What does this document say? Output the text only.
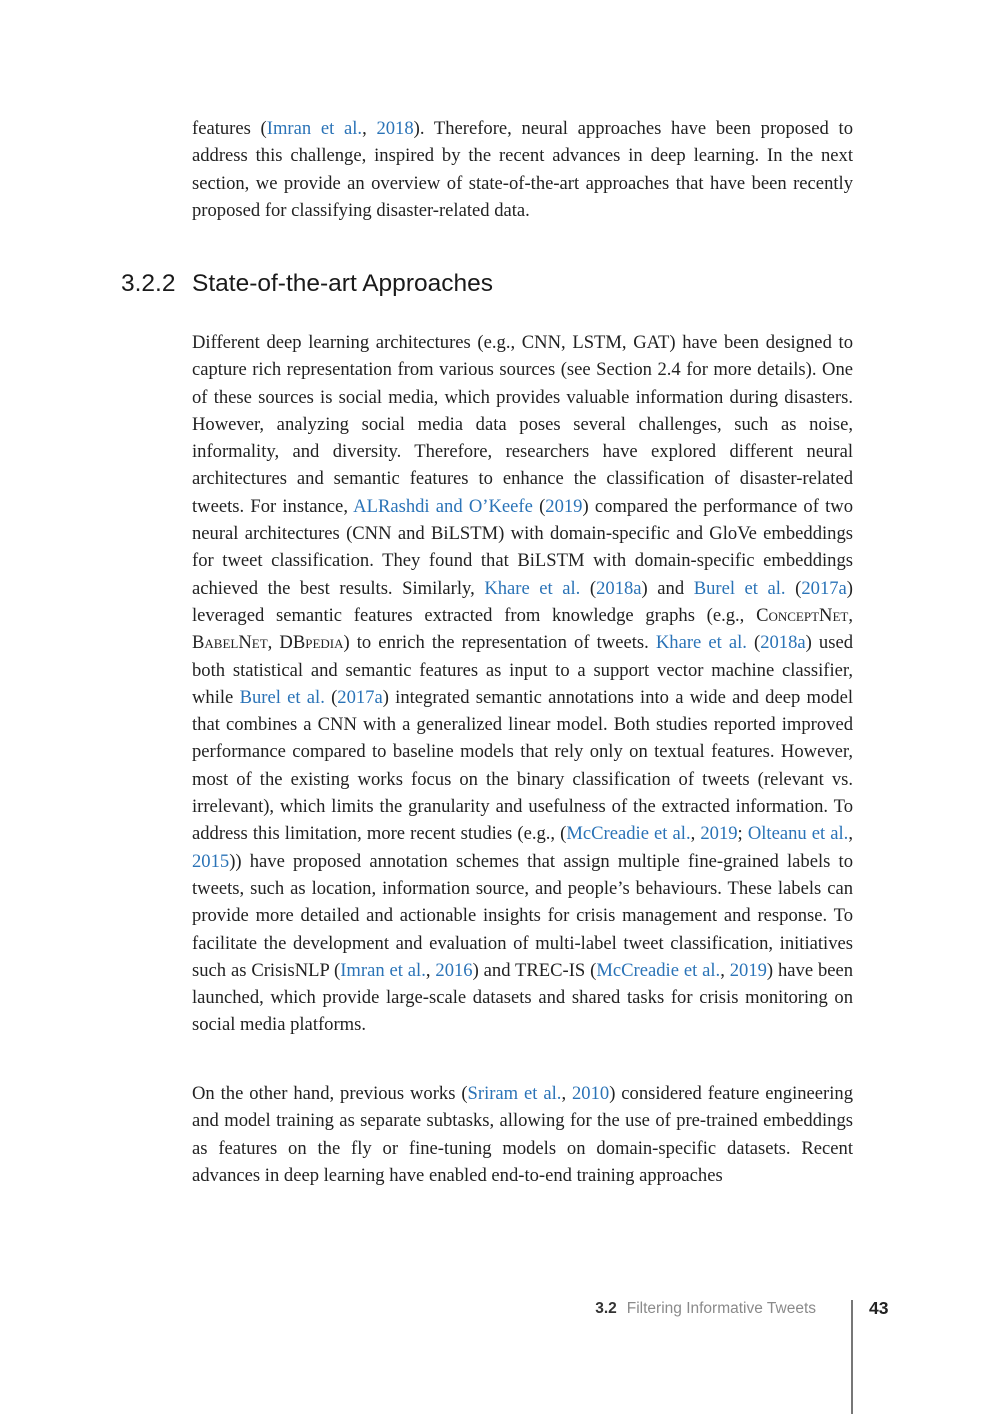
features (Imran et al., 2018). Therefore, neural approaches have been proposed to address this challenge, inspired by the recent advances in deep learning. In the next section, we provide an overview of state-of-the-art approaches that have been recently proposed for classifying disaster-related data.

3.2.2 State-of-the-art Approaches

Different deep learning architectures (e.g., CNN, LSTM, GAT) have been designed to capture rich representation from various sources (see Section 2.4 for more details). One of these sources is social media, which provides valuable information during disasters. However, analyzing social media data poses several challenges, such as noise, informality, and diversity. Therefore, researchers have explored different neural architectures and semantic features to enhance the classification of disaster-related tweets. For instance, ALRashdi and O’Keefe (2019) compared the performance of two neural architectures (CNN and BiLSTM) with domain-specific and GloVe embeddings for tweet classification. They found that BiLSTM with domain-specific embeddings achieved the best results. Similarly, Khare et al. (2018a) and Burel et al. (2017a) leveraged semantic features extracted from knowledge graphs (e.g., ConceptNet, BabelNet, DBpedia) to enrich the representation of tweets. Khare et al. (2018a) used both statistical and semantic features as input to a support vector machine classifier, while Burel et al. (2017a) integrated semantic annotations into a wide and deep model that combines a CNN with a generalized linear model. Both studies reported improved performance compared to baseline models that rely only on textual features. However, most of the existing works focus on the binary classification of tweets (relevant vs. irrelevant), which limits the granularity and usefulness of the extracted information. To address this limitation, more recent studies (e.g., (McCreadie et al., 2019; Olteanu et al., 2015)) have proposed annotation schemes that assign multiple fine-grained labels to tweets, such as location, information source, and people’s behaviours. These labels can provide more detailed and actionable insights for crisis management and response. To facilitate the development and evaluation of multi-label tweet classification, initiatives such as CrisisNLP (Imran et al., 2016) and TREC-IS (McCreadie et al., 2019) have been launched, which provide large-scale datasets and shared tasks for crisis monitoring on social media platforms.

On the other hand, previous works (Sriram et al., 2010) considered feature engineering and model training as separate subtasks, allowing for the use of pre-trained embeddings as features on the fly or fine-tuning models on domain-specific datasets. Recent advances in deep learning have enabled end-to-end training approaches

3.2 Filtering Informative Tweets	43
